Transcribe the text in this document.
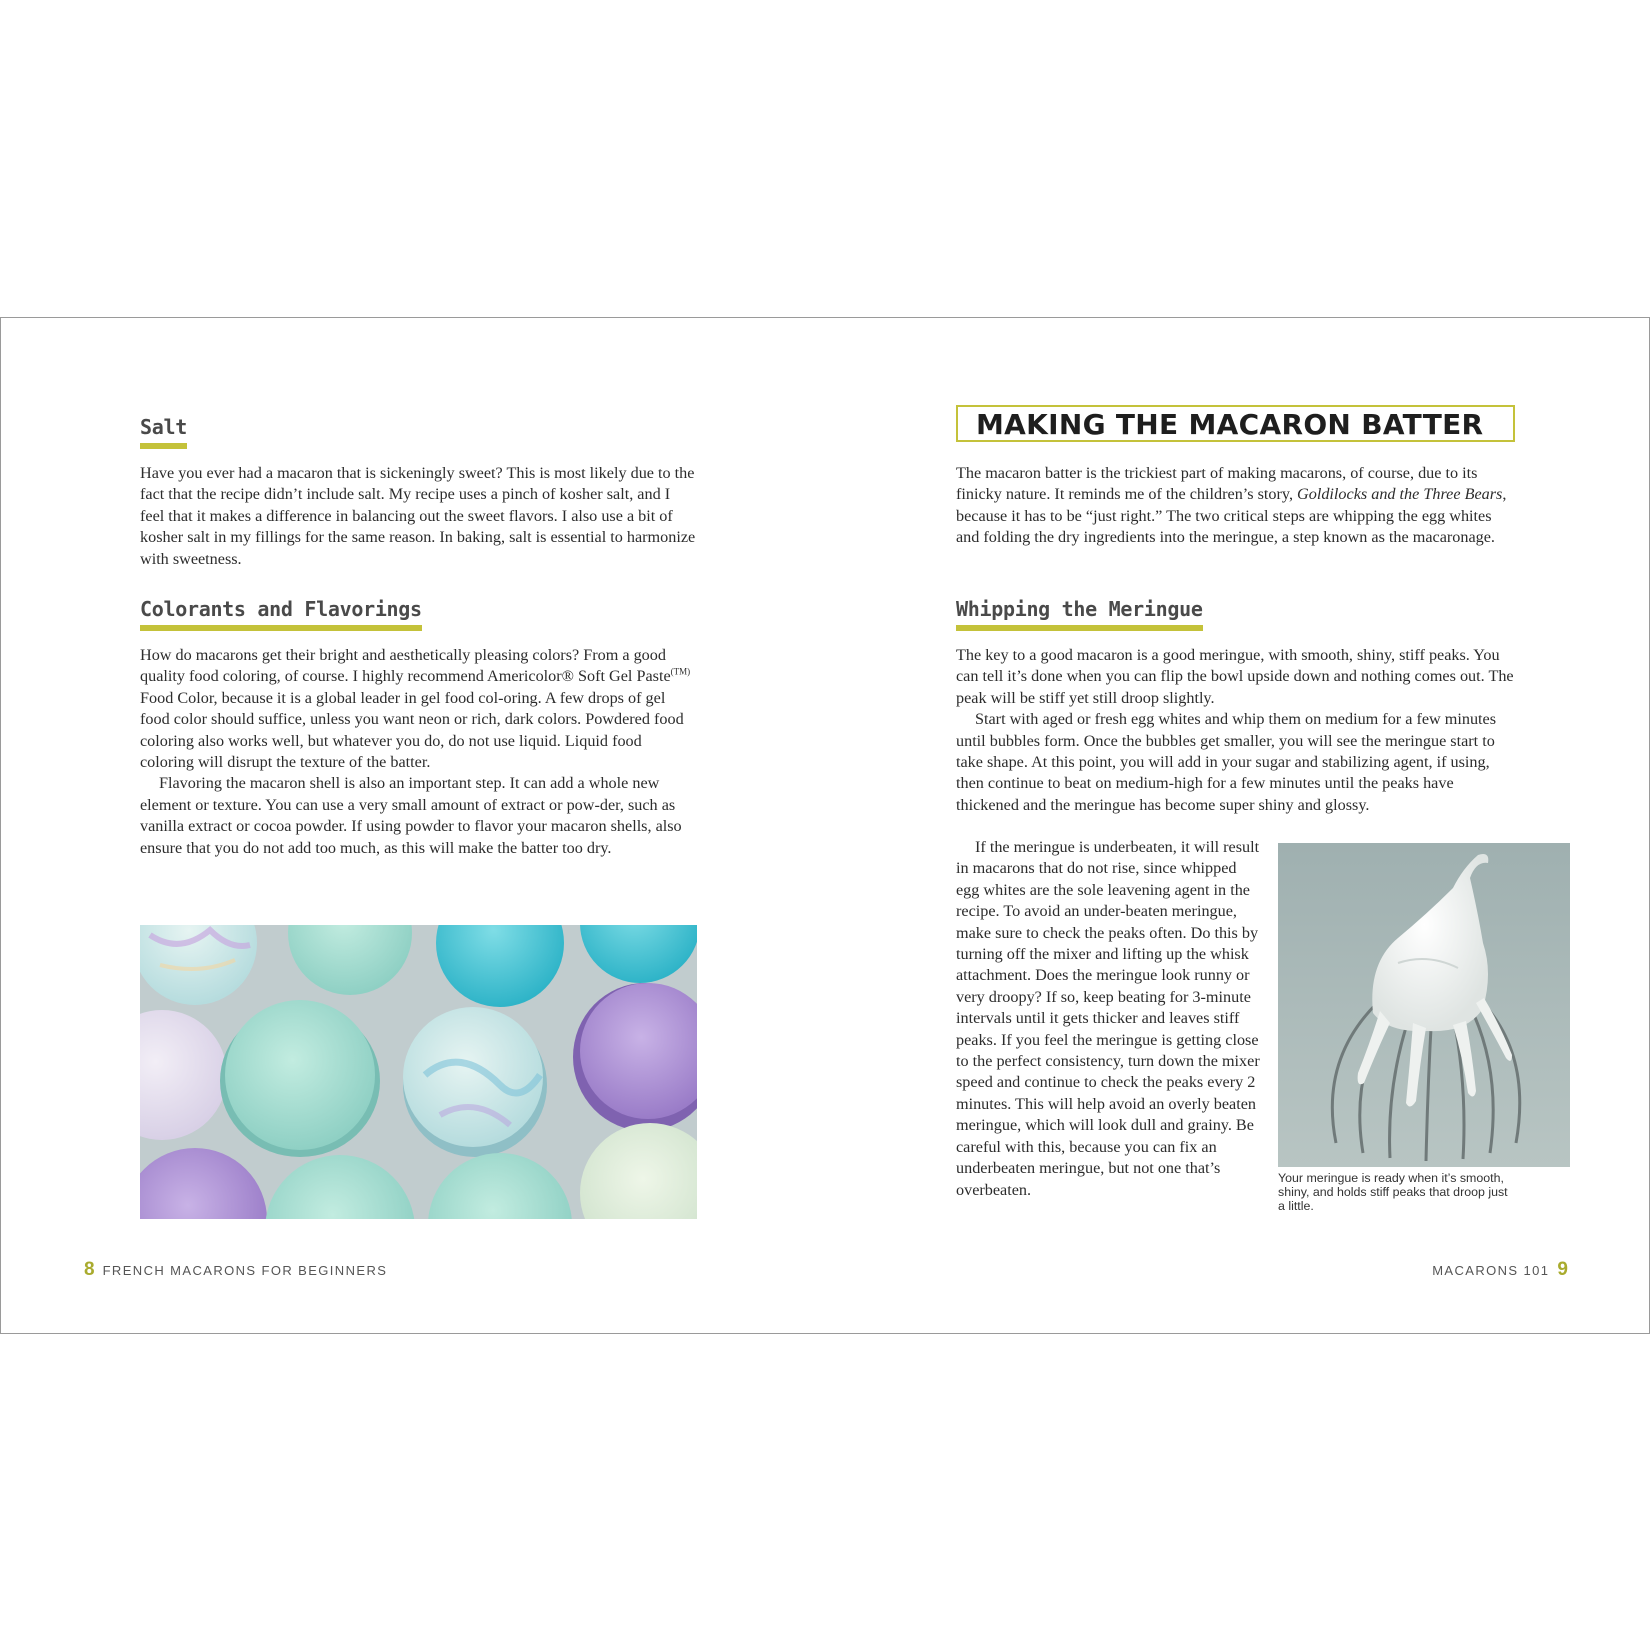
Salt

Have you ever had a macaron that is sickeningly sweet? This is most likely due to the fact that the recipe didn’t include salt. My recipe uses a pinch of kosher salt, and I feel that it makes a difference in balancing out the sweet flavors. I also use a bit of kosher salt in my fillings for the same reason. In baking, salt is essential to harmonize with sweetness.

Colorants and Flavorings

How do macarons get their bright and aesthetically pleasing colors? From a good quality food coloring, of course. I highly recommend Americolor® Soft Gel Paste$^{(TM)}$ Food Color, because it is a global leader in gel food col-oring. A few drops of gel food color should suffice, unless you want neon or rich, dark colors. Powdered food coloring also works well, but whatever you do, do not use liquid. Liquid food coloring will disrupt the texture of the batter.

Flavoring the macaron shell is also an important step. It can add a whole new element or texture. You can use a very small amount of extract or pow-der, such as vanilla extract or cocoa powder. If using powder to flavor your macaron shells, also ensure that you do not add too much, as this will make the batter too dry.

8 FRENCH MACARONS FOR BEGINNERS
MAKING THE MACARON BATTER

The macaron batter is the trickiest part of making macarons, of course, due to its finicky nature. It reminds me of the children’s story, Goldilocks and the Three Bears, because it has to be “just right.” The two critical steps are whipping the egg whites and folding the dry ingredients into the meringue, a step known as the macaronage.

Whipping the Meringue

The key to a good macaron is a good meringue, with smooth, shiny, stiff peaks. You can tell it’s done when you can flip the bowl upside down and nothing comes out. The peak will be stiff yet still droop slightly.

Start with aged or fresh egg whites and whip them on medium for a few minutes until bubbles form. Once the bubbles get smaller, you will see the meringue start to take shape. At this point, you will add in your sugar and stabilizing agent, if using, then continue to beat on medium-high for a few minutes until the peaks have thickened and the meringue has become super shiny and glossy.

If the meringue is underbeaten, it will result in macarons that do not rise, since whipped egg whites are the sole leavening agent in the recipe. To avoid an under-beaten meringue, make sure to check the peaks often. Do this by turning off the mixer and lifting up the whisk attachment. Does the meringue look runny or very droopy? If so, keep beating for 3-minute intervals until it gets thicker and leaves stiff peaks. If you feel the meringue is getting close to the perfect consistency, turn down the mixer speed and continue to check the peaks every 2 minutes. This will help avoid an overly beaten meringue, which will look dull and grainy. Be careful with this, because you can fix an underbeaten meringue, but not one that’s overbeaten.

Your meringue is ready when it’s smooth, shiny, and holds stiff peaks that droop just a little.

MACARONS 101 9
